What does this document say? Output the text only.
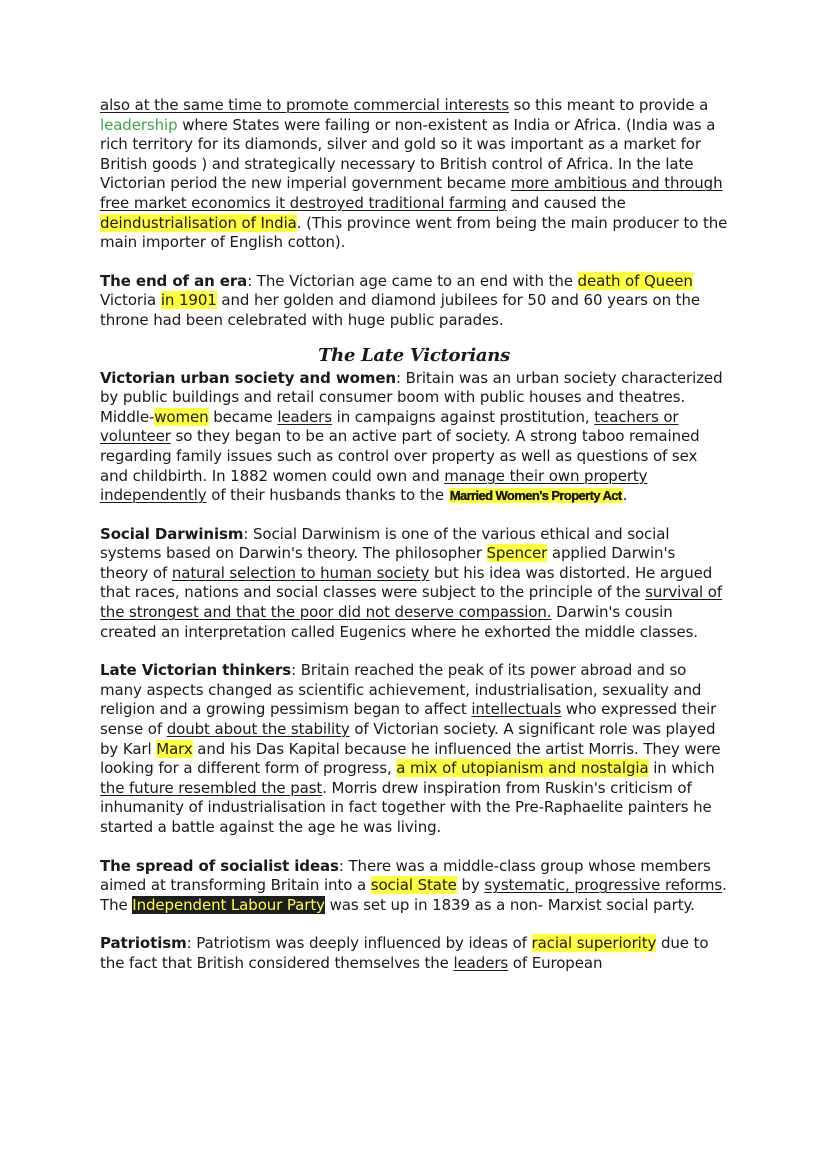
also at the same time to promote commercial interests so this meant to provide a leadership where States were failing or non-existent as India or Africa. (India was a rich territory for its diamonds, silver and gold so it was important as a market for British goods ) and strategically necessary to British control of Africa. In the late Victorian period the new imperial government became more ambitious and through free market economics it destroyed traditional farming and caused the deindustrialisation of India. (This province went from being the main producer to the main importer of English cotton).

The end of an era: The Victorian age came to an end with the death of Queen Victoria in 1901 and her golden and diamond jubilees for 50 and 60 years on the throne had been celebrated with huge public parades.

The Late Victorians

Victorian urban society and women: Britain was an urban society characterized by public buildings and retail consumer boom with public houses and theatres. Middle-women became leaders in campaigns against prostitution, teachers or volunteer so they began to be an active part of society. A strong taboo remained regarding family issues such as control over property as well as questions of sex and childbirth. In 1882 women could own and manage their own property independently of their husbands thanks to the Married Women's Property Act.

Social Darwinism: Social Darwinism is one of the various ethical and social systems based on Darwin's theory. The philosopher Spencer applied Darwin's theory of natural selection to human society but his idea was distorted. He argued that races, nations and social classes were subject to the principle of the survival of the strongest and that the poor did not deserve compassion. Darwin's cousin created an interpretation called Eugenics where he exhorted the middle classes.

Late Victorian thinkers: Britain reached the peak of its power abroad and so many aspects changed as scientific achievement, industrialisation, sexuality and religion and a growing pessimism began to affect intellectuals who expressed their sense of doubt about the stability of Victorian society. A significant role was played by Karl Marx and his Das Kapital because he influenced the artist Morris. They were looking for a different form of progress, a mix of utopianism and nostalgia in which the future resembled the past. Morris drew inspiration from Ruskin's criticism of inhumanity of industrialisation in fact together with the Pre-Raphaelite painters he started a battle against the age he was living.

The spread of socialist ideas: There was a middle-class group whose members aimed at transforming Britain into a social State by systematic, progressive reforms. The Independent Labour Party was set up in 1839 as a non- Marxist social party.

Patriotism: Patriotism was deeply influenced by ideas of racial superiority due to the fact that British considered themselves the leaders of European
